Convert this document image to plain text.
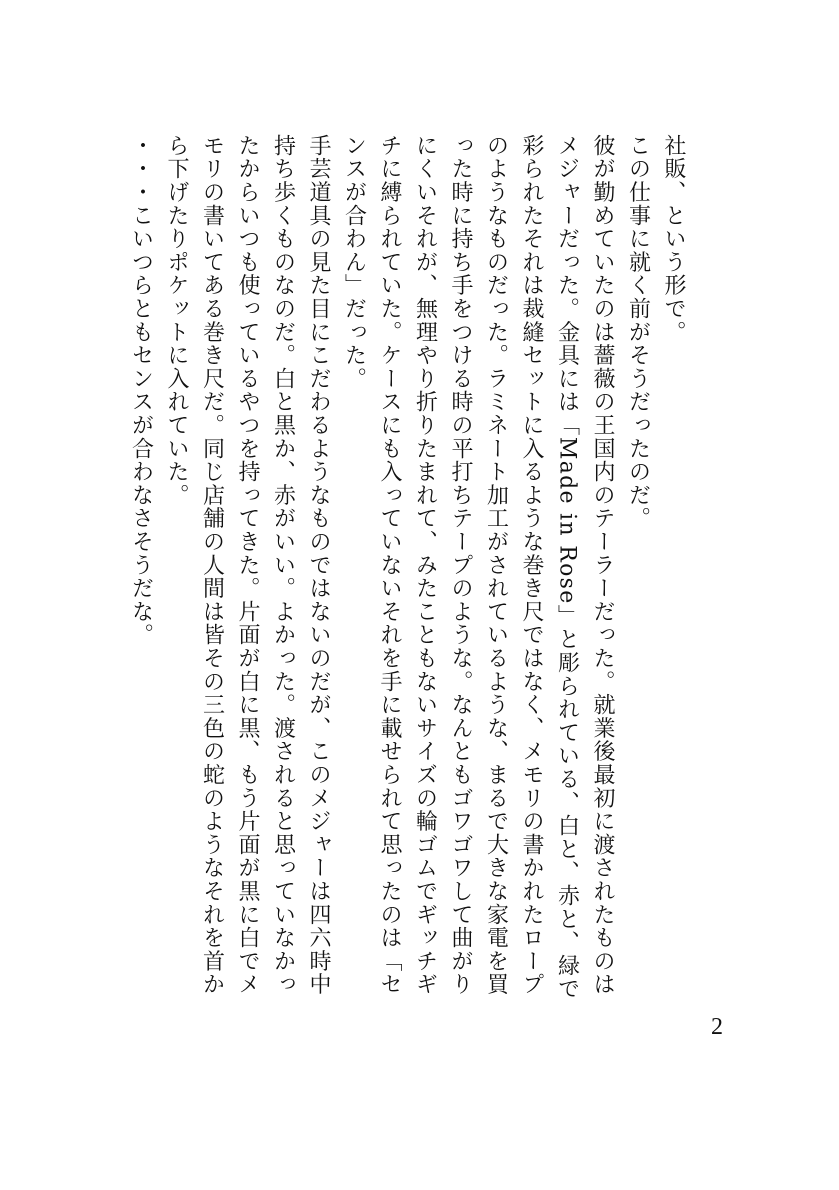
社販、という形で。

この仕事に就く前がそうだったのだ。

彼が勤めていたのは薔薇の王国内のテーラーだった。就業後最初に渡されたものはメジャーだった。金具には「Made in Rose」と彫られている、白と、赤と、緑で彩られたそれは裁縫セットに入るような巻き尺ではなく、メモリの書かれたロープのようなものだった。ラミネート加工がされているような、まるで大きな家電を買った時に持ち手をつける時の平打ちテープのような。なんともゴワゴワして曲がりにくいそれが、無理やり折りたまれて、みたこともないサイズの輪ゴムでギッチギチに縛られていた。ケースにも入っていないそれを手に載せられて思ったのは「センスが合わん」だった。

手芸道具の見た目にこだわるようなものではないのだが、このメジャーは四六時中持ち歩くものなのだ。白と黒か、赤がいい。よかった。渡されると思っていなかったからいつも使っているやつを持ってきた。片面が白に黒、もう片面が黒に白でメモリの書いてある巻き尺だ。同じ店舗の人間は皆その三色の蛇のようなそれを首から下げたりポケットに入れていた。

・・・こいつらともセンスが合わなさそうだな。

2
